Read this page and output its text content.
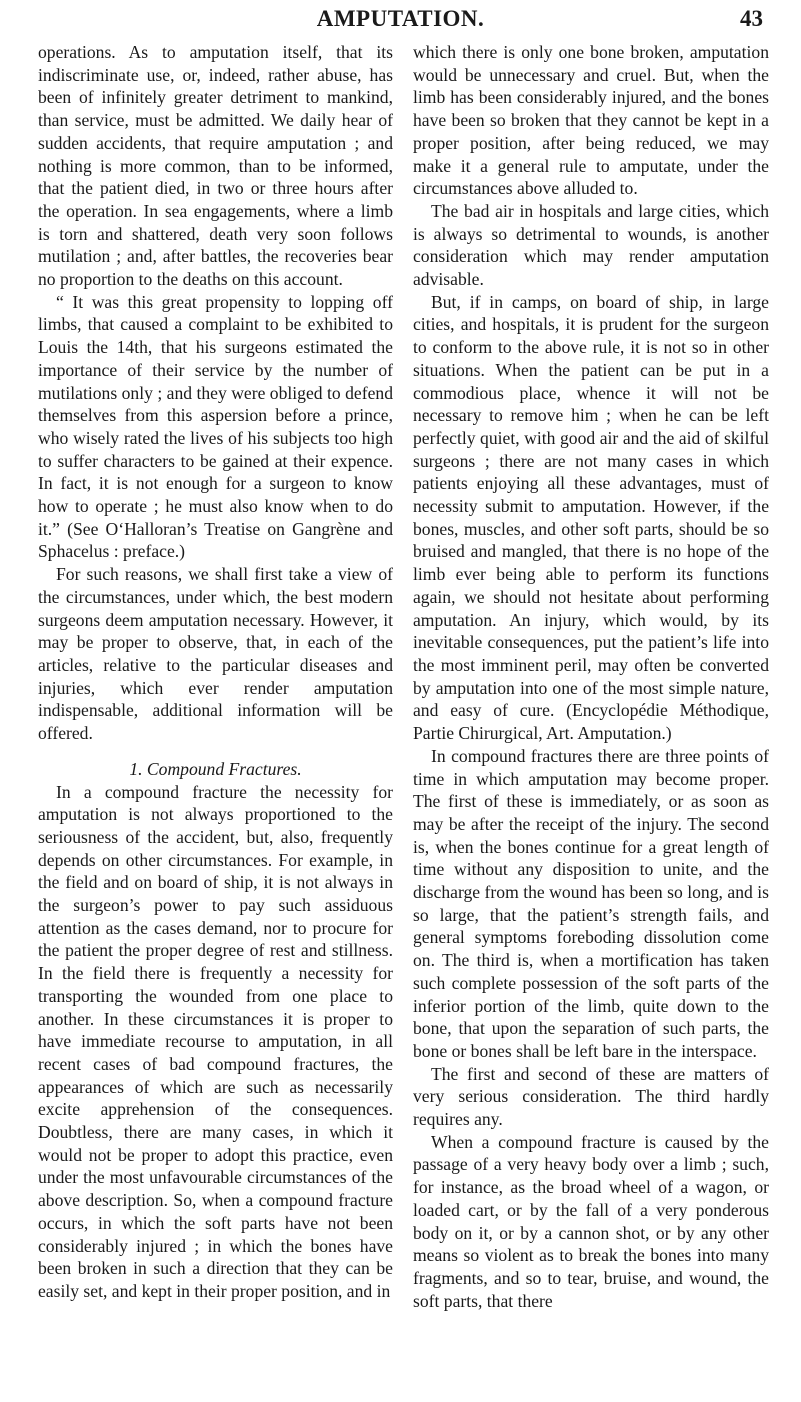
AMPUTATION.	43

operations. As to amputation itself, that its indiscriminate use, or, indeed, rather abuse, has been of infinitely greater detriment to mankind, than service, must be admitted. We daily hear of sudden accidents, that require amputation ; and nothing is more common, than to be informed, that the patient died, in two or three hours after the operation. In sea engagements, where a limb is torn and shattered, death very soon follows mutilation ; and, after battles, the recoveries bear no proportion to the deaths on this account.

“ It was this great propensity to lopping off limbs, that caused a complaint to be exhibited to Louis the 14th, that his surgeons estimated the importance of their service by the number of mutilations only ; and they were obliged to defend themselves from this aspersion before a prince, who wisely rated the lives of his subjects too high to suffer characters to be gained at their expence. In fact, it is not enough for a surgeon to know how to operate ; he must also know when to do it.” (See O‘Halloran’s Treatise on Gangrène and Sphacelus : preface.)

For such reasons, we shall first take a view of the circumstances, under which, the best modern surgeons deem amputation necessary. However, it may be proper to observe, that, in each of the articles, relative to the particular diseases and injuries, which ever render amputation indispensable, additional information will be offered.

1. Compound Fractures.

In a compound fracture the necessity for amputation is not always proportioned to the seriousness of the accident, but, also, frequently depends on other circumstances. For example, in the field and on board of ship, it is not always in the surgeon’s power to pay such assiduous attention as the cases demand, nor to procure for the patient the proper degree of rest and stillness. In the field there is frequently a necessity for transporting the wounded from one place to another. In these circumstances it is proper to have immediate recourse to amputation, in all recent cases of bad compound fractures, the appearances of which are such as necessarily excite apprehension of the consequences. Doubtless, there are many cases, in which it would not be proper to adopt this practice, even under the most unfavourable circumstances of the above description. So, when a compound fracture occurs, in which the soft parts have not been considerably injured ; in which the bones have been broken in such a direction that they can be easily set, and kept in their proper position, and in

which there is only one bone broken, amputation would be unnecessary and cruel. But, when the limb has been considerably injured, and the bones have been so broken that they cannot be kept in a proper position, after being reduced, we may make it a general rule to amputate, under the circumstances above alluded to.

The bad air in hospitals and large cities, which is always so detrimental to wounds, is another consideration which may render amputation advisable.

But, if in camps, on board of ship, in large cities, and hospitals, it is prudent for the surgeon to conform to the above rule, it is not so in other situations. When the patient can be put in a commodious place, whence it will not be necessary to remove him ; when he can be left perfectly quiet, with good air and the aid of skilful surgeons ; there are not many cases in which patients enjoying all these advantages, must of necessity submit to amputation. However, if the bones, muscles, and other soft parts, should be so bruised and mangled, that there is no hope of the limb ever being able to perform its functions again, we should not hesitate about performing amputation. An injury, which would, by its inevitable consequences, put the patient’s life into the most imminent peril, may often be converted by amputation into one of the most simple nature, and easy of cure. (Encyclopédie Méthodique, Partie Chirurgical, Art. Amputation.)

In compound fractures there are three points of time in which amputation may become proper. The first of these is immediately, or as soon as may be after the receipt of the injury. The second is, when the bones continue for a great length of time without any disposition to unite, and the discharge from the wound has been so long, and is so large, that the patient’s strength fails, and general symptoms foreboding dissolution come on. The third is, when a mortification has taken such complete possession of the soft parts of the inferior portion of the limb, quite down to the bone, that upon the separation of such parts, the bone or bones shall be left bare in the interspace.

The first and second of these are matters of very serious consideration. The third hardly requires any.

When a compound fracture is caused by the passage of a very heavy body over a limb ; such, for instance, as the broad wheel of a wagon, or loaded cart, or by the fall of a very ponderous body on it, or by a cannon shot, or by any other means so violent as to break the bones into many fragments, and so to tear, bruise, and wound, the soft parts, that there
